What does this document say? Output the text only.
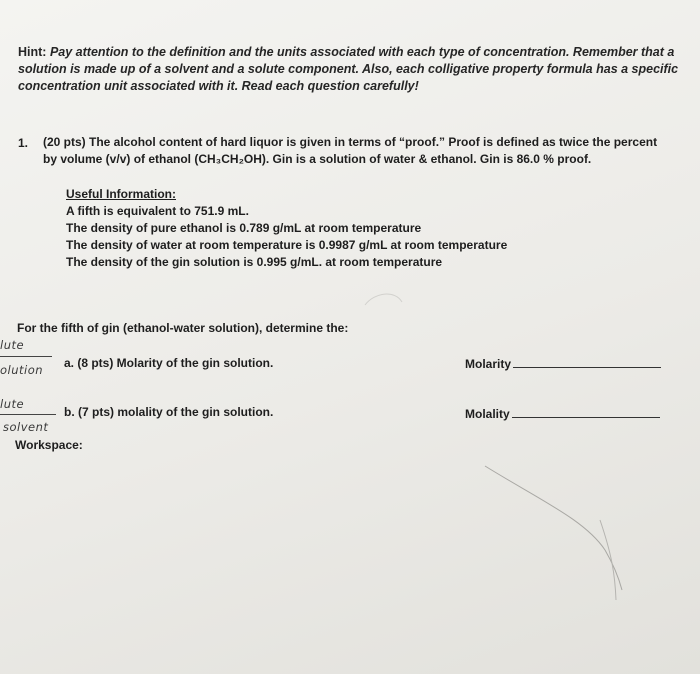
Hint: Pay attention to the definition and the units associated with each type of concentration. Remember that a solution is made up of a solvent and a solute component. Also, each colligative property formula has a specific concentration unit associated with it. Read each question carefully!
1. (20 pts) The alcohol content of hard liquor is given in terms of “proof.” Proof is defined as twice the percent
by volume (v/v) of ethanol (CH₃CH₂OH). Gin is a solution of water & ethanol. Gin is 86.0 % proof.
Useful Information:
A fifth is equivalent to 751.9 mL.
The density of pure ethanol is 0.789 g/mL at room temperature
The density of water at room temperature is 0.9987 g/mL at room temperature
The density of the gin solution is 0.995 g/mL. at room temperature
For the fifth of gin (ethanol-water solution), determine the:
lute
olution a. (8 pts) Molarity of the gin solution.	Molarity
lute
solvent
b. (7 pts) molality of the gin solution.	Molality
Workspace:
